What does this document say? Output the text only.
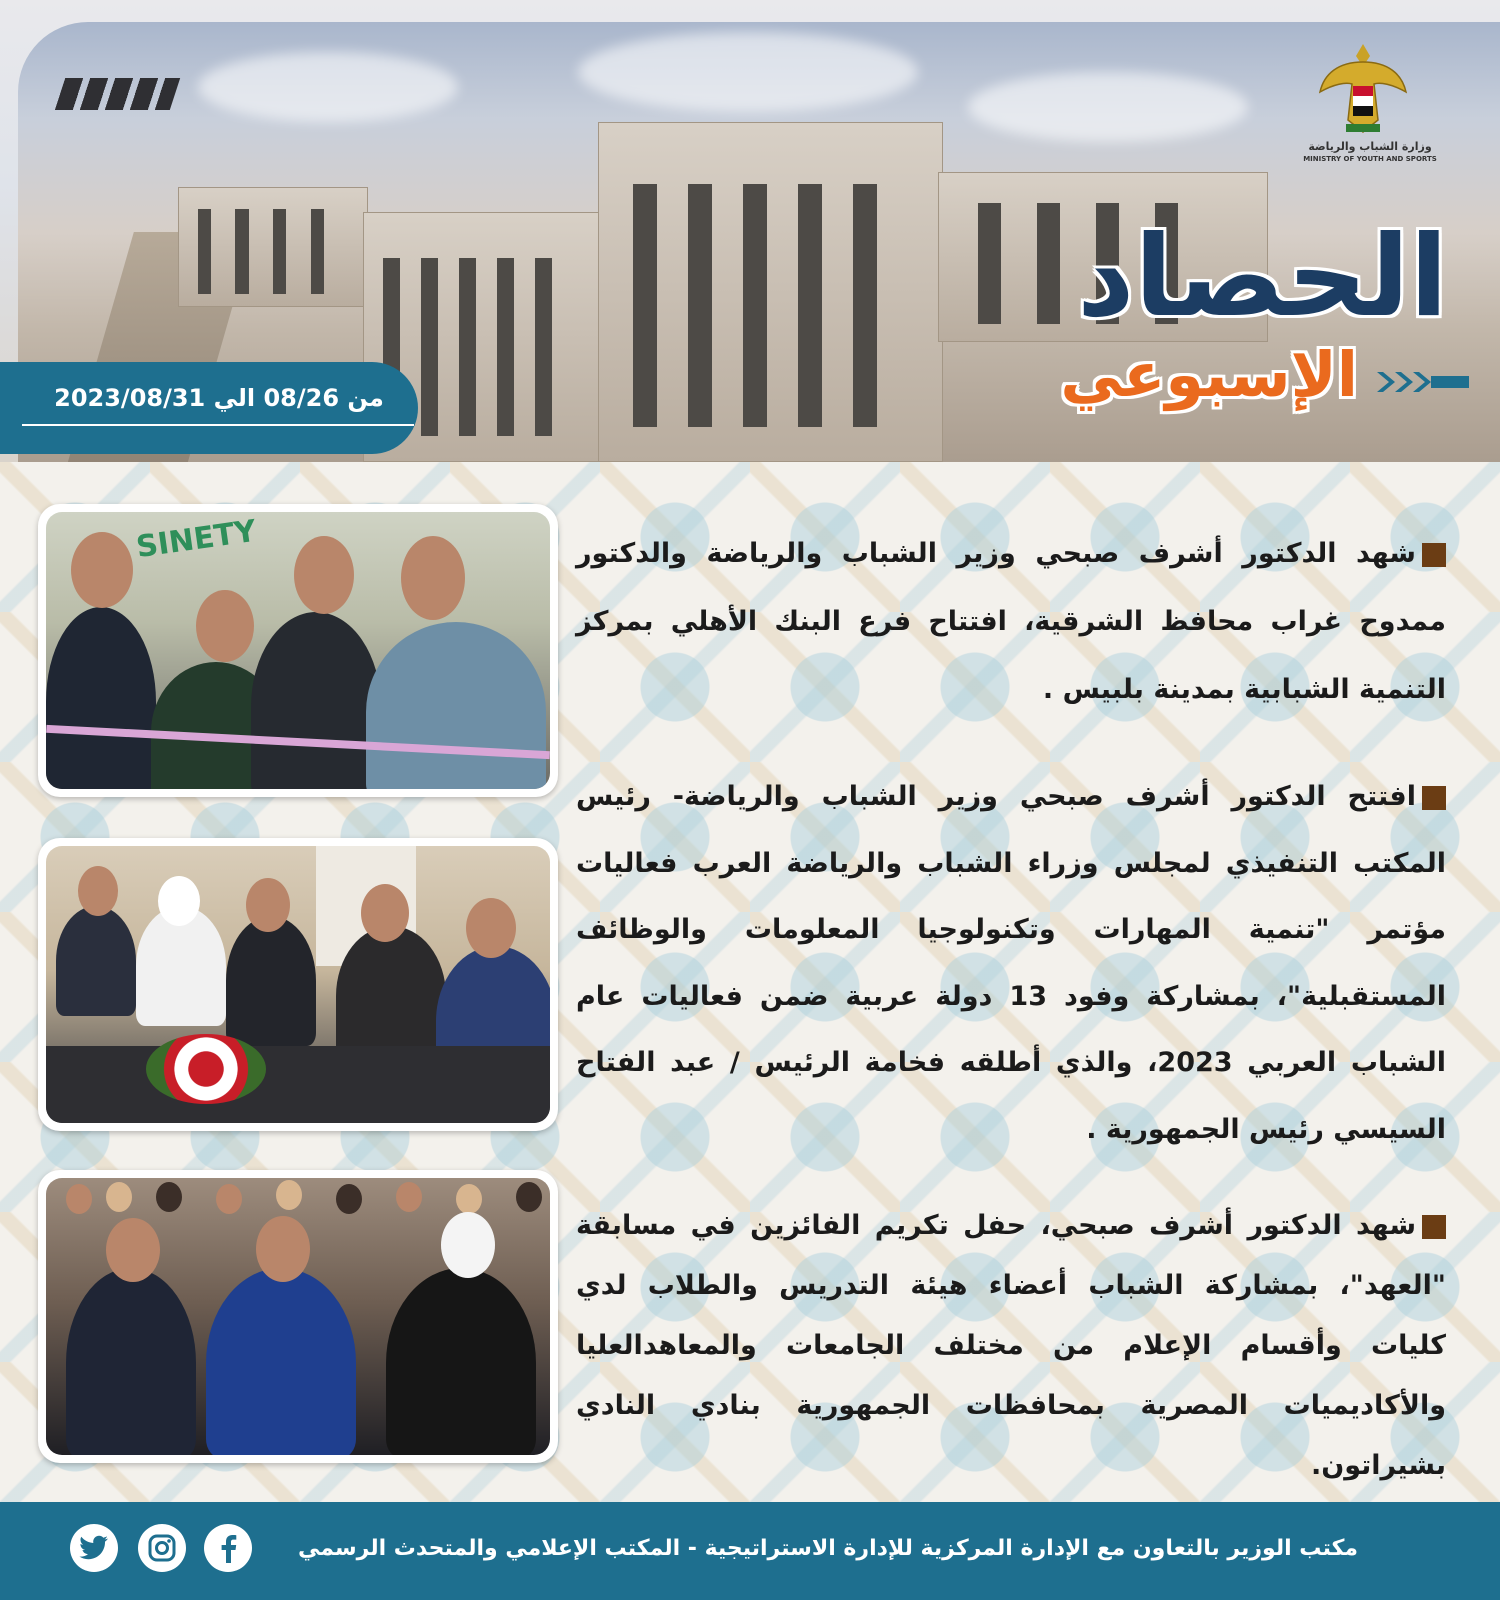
وزارة الشباب والرياضة
MINISTRY OF YOUTH AND SPORTS
الحصاد
الإسبوعي
من 08/26 الي 2023/08/31
SINETY	شهد الدكتور أشرف صبحي وزير الشباب والرياضة والدكتور ممدوح غراب محافظ الشرقية، افتتاح فرع البنك الأهلي بمركز التنمية الشبابية بمدينة بلبيس .
افتتح الدكتور أشرف صبحي وزير الشباب والرياضة- رئيس المكتب التنفيذي لمجلس وزراء الشباب والرياضة العرب فعاليات مؤتمر "تنمية المهارات وتكنولوجيا المعلومات والوظائف المستقبلية"، بمشاركة وفود 13 دولة عربية ضمن فعاليات عام الشباب العربي 2023، والذي أطلقه فخامة الرئيس / عبد الفتاح السيسي رئيس الجمهورية .
شهد الدكتور أشرف صبحي، حفل تكريم الفائزين في مسابقة "العهد"، بمشاركة الشباب أعضاء هيئة التدريس والطلاب لدي كليات وأقسام الإعلام من مختلف الجامعات والمعاهدالعليا والأكاديميات المصرية بمحافظات الجمهورية بنادي النادي بشيراتون.
مكتب الوزير بالتعاون مع الإدارة المركزية للإدارة الاستراتيجية - المكتب الإعلامي والمتحدث الرسمي
